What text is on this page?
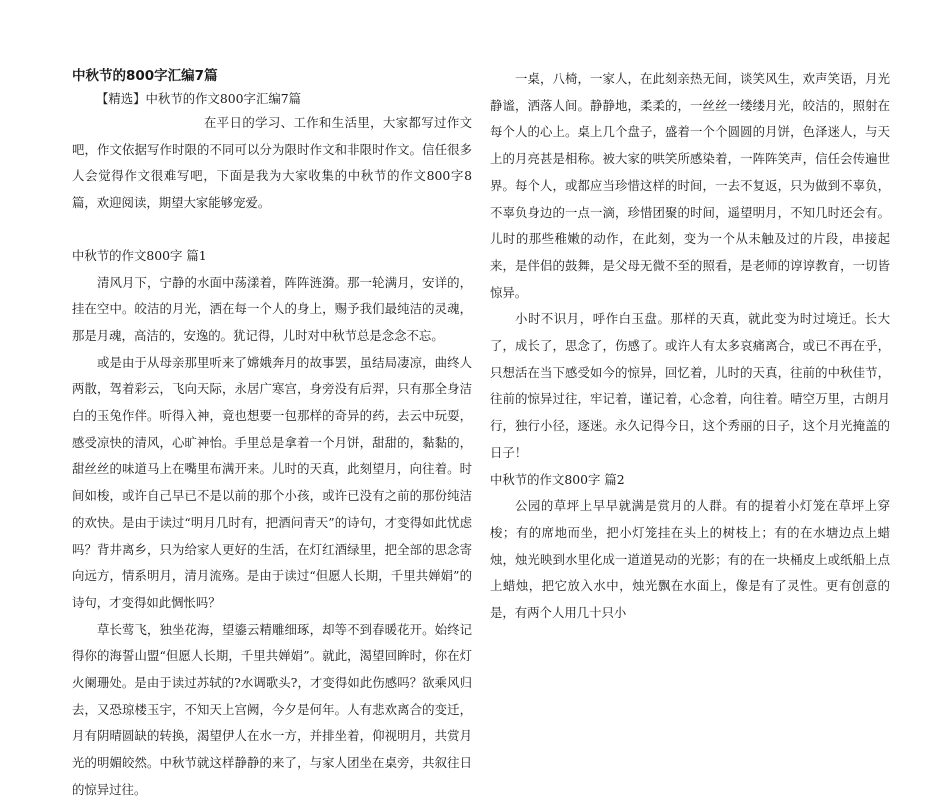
中秋节的800字汇编7篇

【精选】中秋节的作文800字汇编7篇

在平日的学习、工作和生活里，大家都写过作文吧，作文依据写作时限的不同可以分为限时作文和非限时作文。信任很多人会觉得作文很难写吧，下面是我为大家收集的中秋节的作文800字8篇，欢迎阅读，期望大家能够宠爱。

中秋节的作文800字 篇1

清风月下，宁静的水面中荡漾着，阵阵涟漪。那一轮满月，安详的，挂在空中。皎洁的月光，洒在每一个人的身上，赐予我们最纯洁的灵魂，那是月魂，高洁的，安逸的。犹记得，儿时对中秋节总是念念不忘。

或是由于从母亲那里听来了嫦娥奔月的故事罢，虽结局凄凉，曲终人两散，驾着彩云，飞向天际，永居广寒宫，身旁没有后羿，只有那全身洁白的玉兔作伴。听得入神，竟也想要一包那样的奇异的药，去云中玩耍，感受凉快的清风，心旷神怡。手里总是拿着一个月饼，甜甜的，黏黏的，甜丝丝的味道马上在嘴里布满开来。儿时的天真，此刻望月，向往着。时间如梭，或许自己早已不是以前的那个小孩，或许已没有之前的那份纯洁的欢快。是由于读过“明月几时有，把酒问青天”的诗句，才变得如此忧虑吗？背井离乡，只为给家人更好的生活，在灯红酒绿里，把全部的思念寄向远方，情系明月，清月流殇。是由于读过“但愿人长期，千里共婵娟”的诗句，才变得如此惆怅吗？

草长莺飞，独坐花海，望鎏云精雕细琢，却等不到春暖花开。始终记得你的海誓山盟“但愿人长期，千里共婵娟”。就此，渴望回眸时，你在灯火阑珊处。是由于读过苏轼的?水调歌头?，才变得如此伤感吗？欲乘风归去，又恐琼楼玉宇，不知天上宫阙，今夕是何年。人有悲欢离合的变迁，月有阴晴圆缺的转换，渴望伊人在水一方，并排坐着，仰视明月，共赏月光的明媚皎然。中秋节就这样静静的来了，与家人团坐在桌旁，共叙往日的惊异过往。

一桌，八椅，一家人，在此刻亲热无间，谈笑风生，欢声笑语，月光静谧，洒落人间。静静地，柔柔的，一丝丝一缕缕月光，皎洁的，照射在每个人的心上。桌上几个盘子，盛着一个个圆圆的月饼，色泽迷人，与天上的月亮甚是相称。被大家的哄笑所感染着，一阵阵笑声，信任会传遍世界。每个人，或都应当珍惜这样的时间，一去不复返，只为做到不辜负，不辜负身边的一点一滴，珍惜团聚的时间，遥望明月，不知几时还会有。儿时的那些稚嫩的动作，在此刻，变为一个从未触及过的片段，串接起来，是伴侣的鼓舞，是父母无微不至的照看，是老师的谆谆教育，一切皆惊异。

小时不识月，呼作白玉盘。那样的天真，就此变为时过境迁。长大了，成长了，思念了，伤感了。或许人有太多哀痛离合，或已不再在乎，只想活在当下感受如今的惊异，回忆着，儿时的天真，往前的中秋佳节，往前的惊异过往，牢记着，谨记着，心念着，向往着。晴空万里，古朗月行，独行小径，逐迷。永久记得今日，这个秀丽的日子，这个月光掩盖的日子！

中秋节的作文800字 篇2

公园的草坪上早早就满是赏月的人群。有的提着小灯笼在草坪上穿梭；有的席地而坐，把小灯笼挂在头上的树枝上；有的在水塘边点上蜡烛，烛光映到水里化成一道道晃动的光影；有的在一块桶皮上或纸船上点上蜡烛，把它放入水中，烛光飘在水面上，像是有了灵性。更有创意的是，有两个人用几十只小
